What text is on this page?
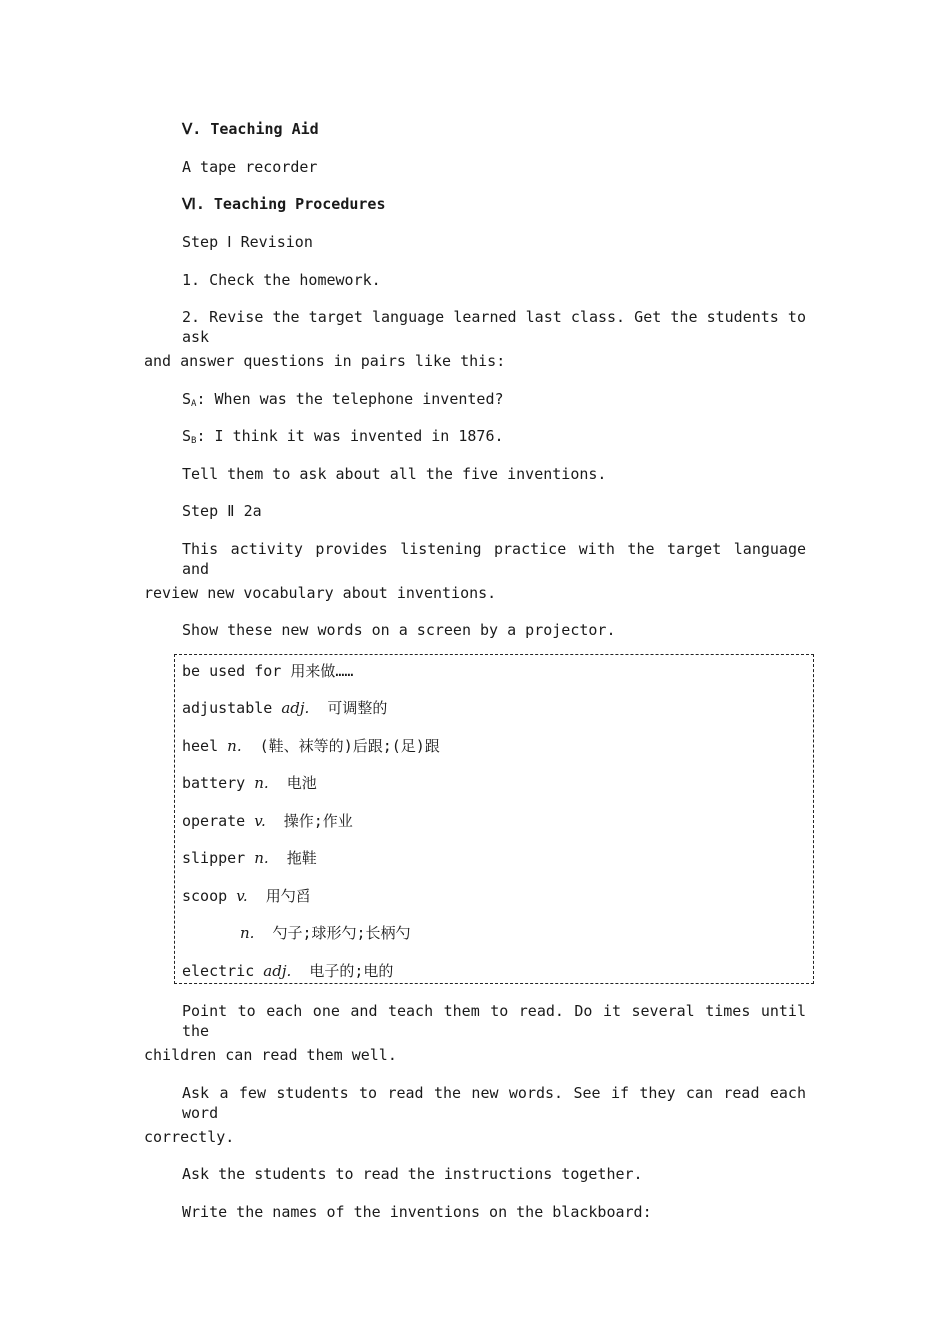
Ⅴ. Teaching Aid
A tape recorder
Ⅵ. Teaching Procedures
Step Ⅰ Revision
1. Check the homework.
2. Revise the target language learned last class. Get the students to ask
and answer questions in pairs like this:
$S_A$: When was the telephone invented?
$S_B$: I think it was invented in 1876.
Tell them to ask about all the five inventions.
Step Ⅱ 2a
This activity provides listening practice with the target language and
review new vocabulary about inventions.
Show these new words on a screen by a projector.
be used for 用来做……
adjustable adj. 可调整的
heel n. (鞋、袜等的)后跟;(足)跟
battery n. 电池
operate v. 操作;作业
slipper n. 拖鞋
scoop v. 用勺舀
n. 勺子;球形勺;长柄勺
electric adj. 电子的;电的
Point to each one and teach them to read. Do it several times until the
children can read them well.
Ask a few students to read the new words. See if they can read each word
correctly.
Ask the students to read the instructions together.
Write the names of the inventions on the blackboard:
